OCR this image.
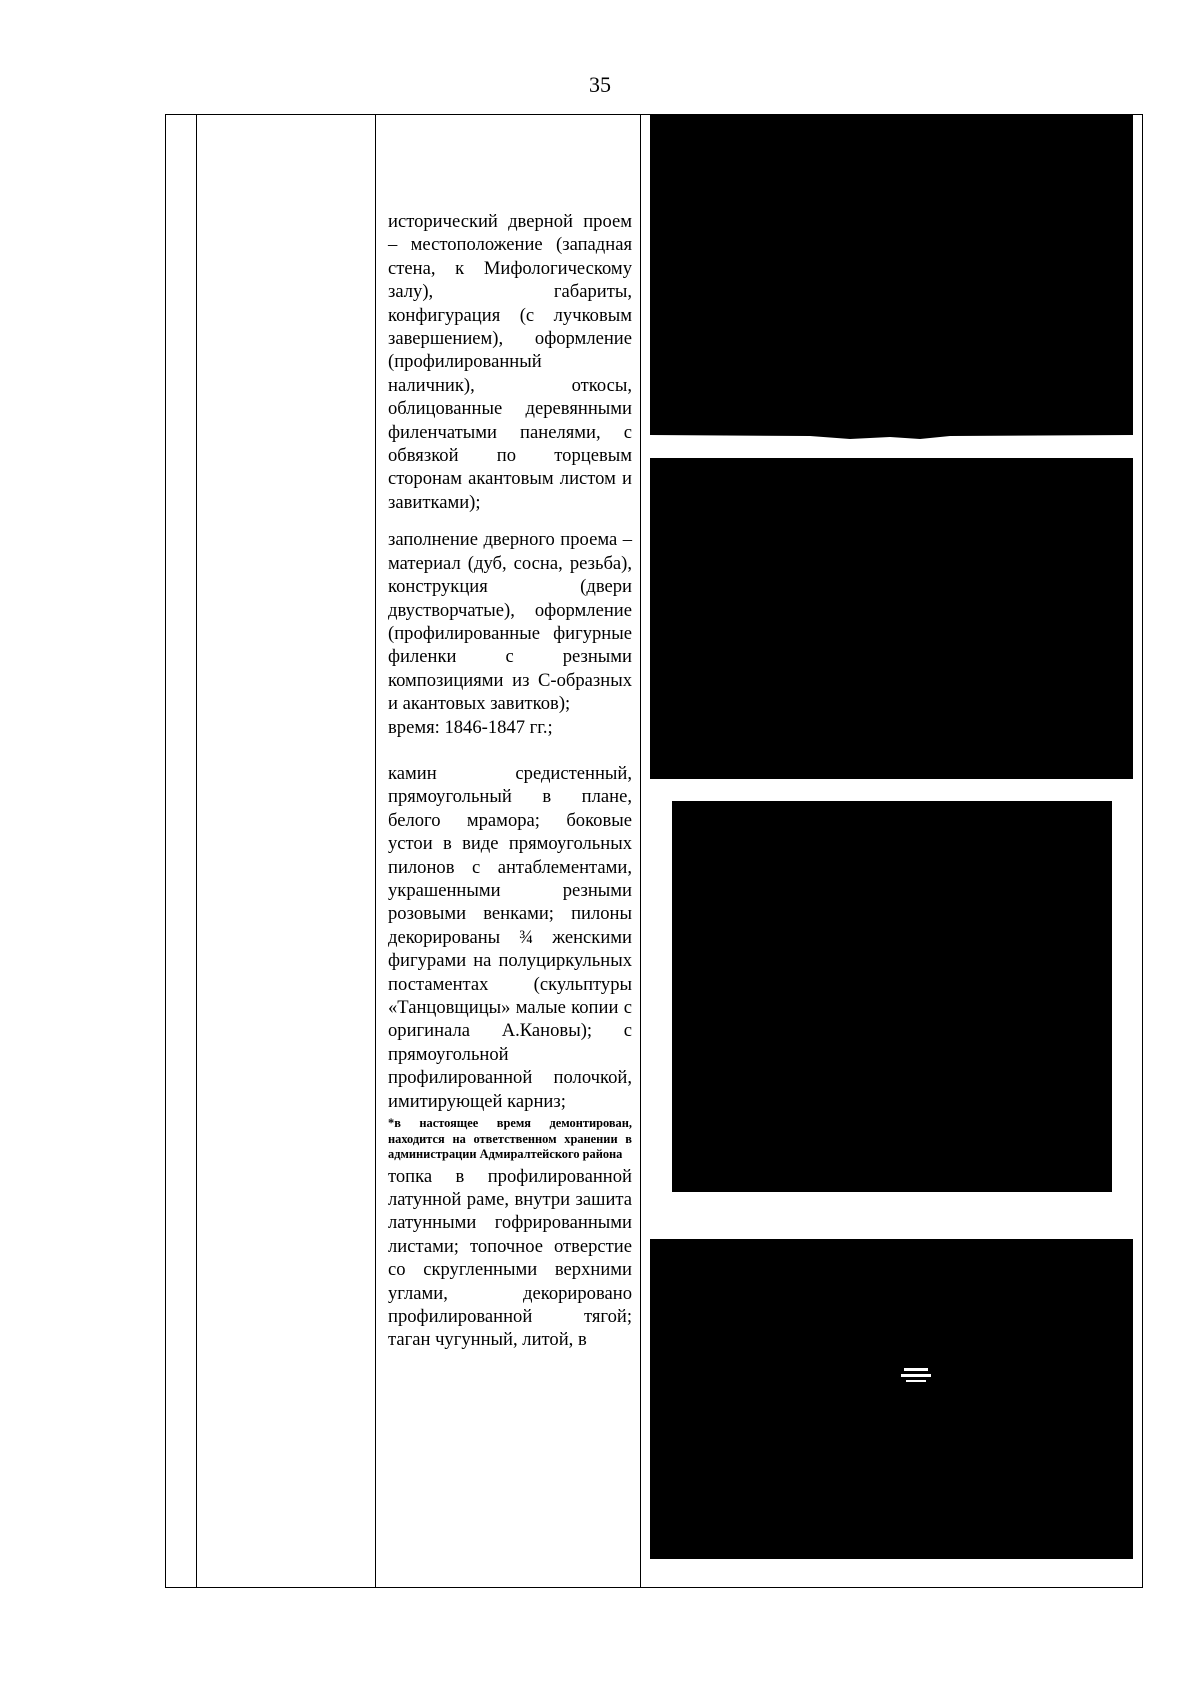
35

исторический дверной проем – местоположение (западная стена, к Мифологическому залу), габариты, конфигурация (с лучковым завершением), оформление (профилированный наличник), откосы, облицованные деревянными филенчатыми панелями, с обвязкой по торцевым сторонам акантовым листом и завитками);

заполнение дверного проема – материал (дуб, сосна, резьба), конструкция (двери двустворчатые), оформление (профилированные фигурные филенки с резными композициями из С-образных и акантовых завитков);

время: 1846-1847 гг.;

камин средистенный, прямоугольный в плане, белого мрамора; боковые устои в виде прямоугольных пилонов с антаблементами, украшенными резными розовыми венками; пилоны декорированы ¾ женскими фигурами на полуциркульных постаментах (скульптуры «Танцовщицы» малые копии с оригинала А.Кановы); с прямоугольной профилированной полочкой, имитирующей карниз;

*в настоящее время демонтирован, находится на ответственном хранении в администрации Адмиралтейского района

топка в профилированной латунной раме, внутри зашита латунными гофрированными листами; топочное отверстие со скругленными верхними углами, декорировано профилированной тягой; таган чугунный, литой, в
